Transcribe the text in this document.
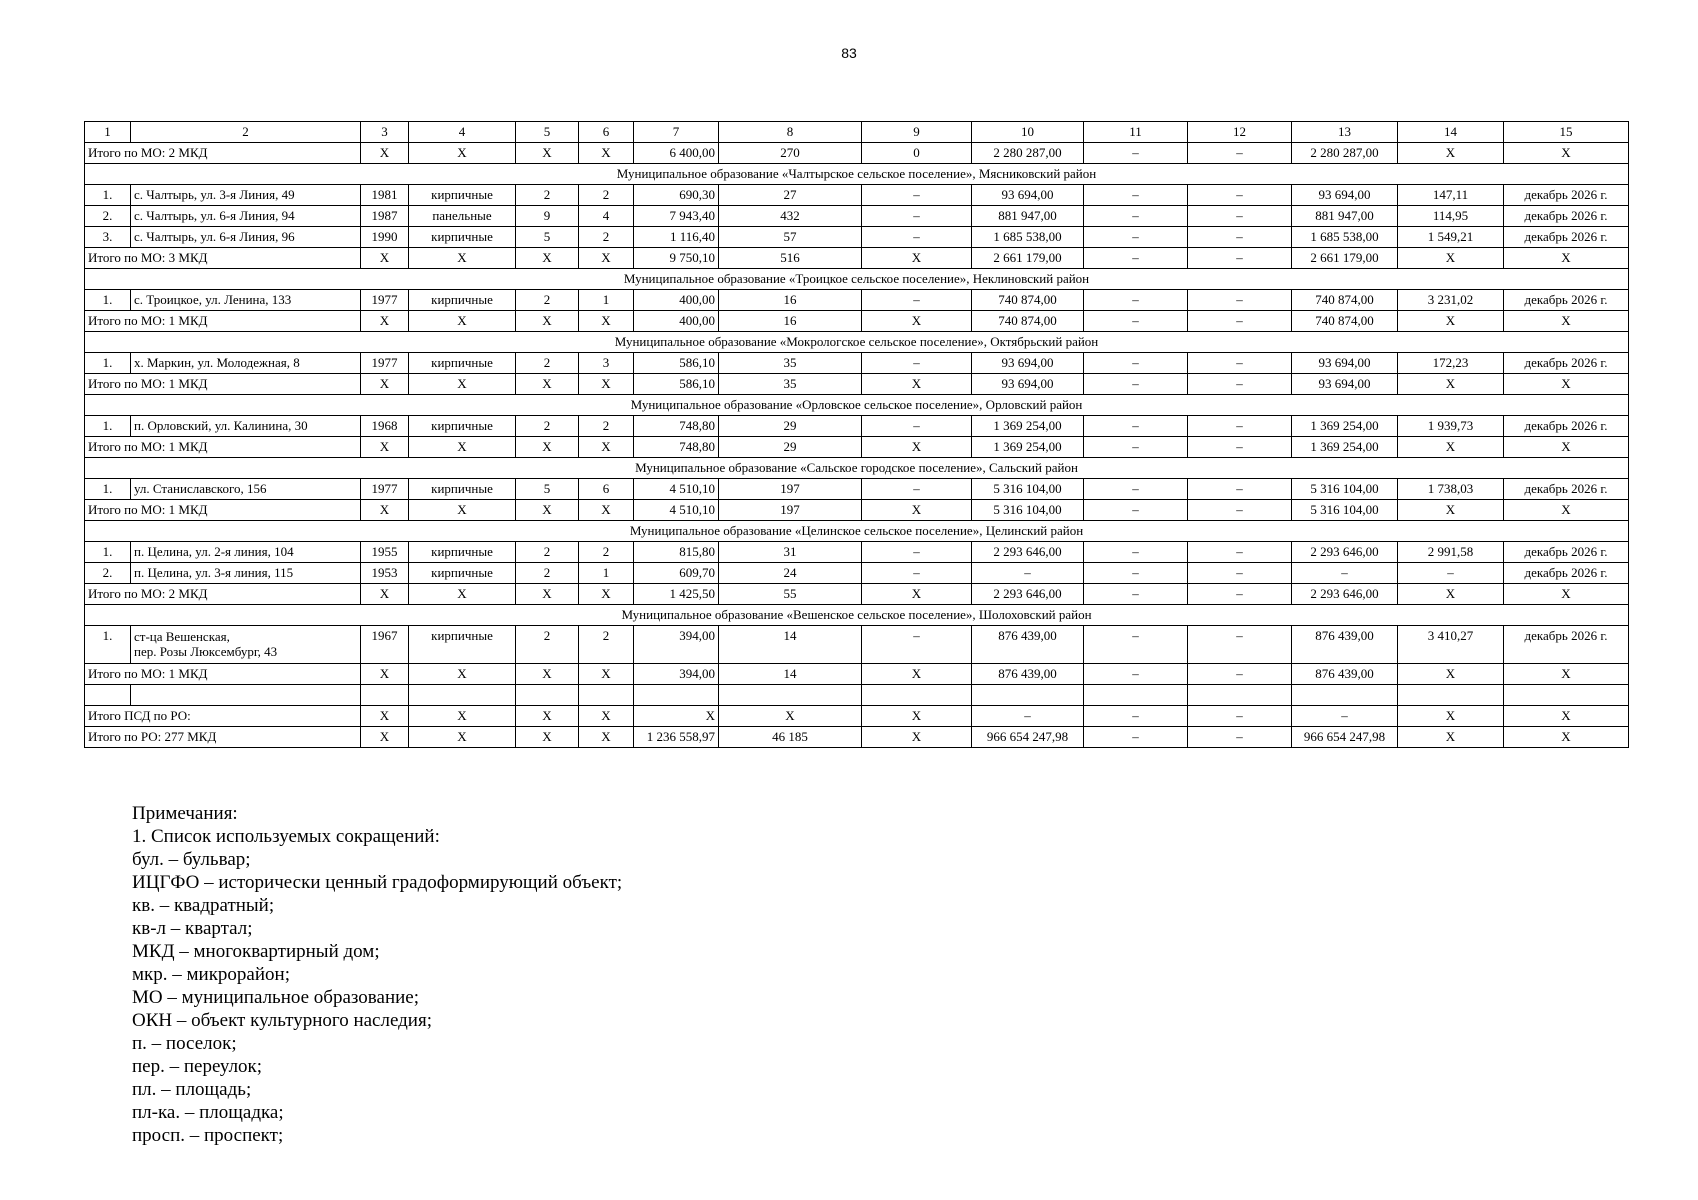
83
1	2	3	4	5	6	7	8	9	10	11	12	13	14	15
Итого по МО: 2 МКД		X	X	X	X	6 400,00	270	0	2 280 287,00	–	–	2 280 287,00	X	X
Муниципальное образование «Чалтырское сельское поселение», Мясниковский район														
1.	с. Чалтырь, ул. 3-я Линия, 49	1981	кирпичные	2	2	690,30	27	–	93 694,00	–	–	93 694,00	147,11	декабрь 2026 г.
2.	с. Чалтырь, ул. 6-я Линия, 94	1987	панельные	9	4	7 943,40	432	–	881 947,00	–	–	881 947,00	114,95	декабрь 2026 г.
3.	с. Чалтырь, ул. 6-я Линия, 96	1990	кирпичные	5	2	1 116,40	57	–	1 685 538,00	–	–	1 685 538,00	1 549,21	декабрь 2026 г.
Итого по МО: 3 МКД		X	X	X	X	9 750,10	516	X	2 661 179,00	–	–	2 661 179,00	X	X
Муниципальное образование «Троицкое сельское поселение», Неклиновский район														
1.	с. Троицкое, ул. Ленина, 133	1977	кирпичные	2	1	400,00	16	–	740 874,00	–	–	740 874,00	3 231,02	декабрь 2026 г.
Итого по МО: 1 МКД		X	X	X	X	400,00	16	X	740 874,00	–	–	740 874,00	X	X
Муниципальное образование «Мокрологское сельское поселение», Октябрьский район														
1.	х. Маркин, ул. Молодежная, 8	1977	кирпичные	2	3	586,10	35	–	93 694,00	–	–	93 694,00	172,23	декабрь 2026 г.
Итого по МО: 1 МКД		X	X	X	X	586,10	35	X	93 694,00	–	–	93 694,00	X	X
Муниципальное образование «Орловское сельское поселение», Орловский район														
1.	п. Орловский, ул. Калинина, 30	1968	кирпичные	2	2	748,80	29	–	1 369 254,00	–	–	1 369 254,00	1 939,73	декабрь 2026 г.
Итого по МО: 1 МКД		X	X	X	X	748,80	29	X	1 369 254,00	–	–	1 369 254,00	X	X
Муниципальное образование «Сальское городское поселение», Сальский район														
1.	ул. Станиславского, 156	1977	кирпичные	5	6	4 510,10	197	–	5 316 104,00	–	–	5 316 104,00	1 738,03	декабрь 2026 г.
Итого по МО: 1 МКД		X	X	X	X	4 510,10	197	X	5 316 104,00	–	–	5 316 104,00	X	X
Муниципальное образование «Целинское сельское поселение», Целинский район														
1.	п. Целина, ул. 2-я линия, 104	1955	кирпичные	2	2	815,80	31	–	2 293 646,00	–	–	2 293 646,00	2 991,58	декабрь 2026 г.
2.	п. Целина, ул. 3-я линия, 115	1953	кирпичные	2	1	609,70	24	–	–	–	–	–	–	декабрь 2026 г.
Итого по МО: 2 МКД		X	X	X	X	1 425,50	55	X	2 293 646,00	–	–	2 293 646,00	X	X
Муниципальное образование «Вешенское сельское поселение», Шолоховский район														
1.	ст-ца Вешенская,
пер. Розы Люксембург, 43	1967	кирпичные	2	2	394,00	14	–	876 439,00	–	–	876 439,00	3 410,27	декабрь 2026 г.
Итого по МО: 1 МКД		X	X	X	X	394,00	14	X	876 439,00	–	–	876 439,00	X	X

Итого ПСД по РО:		X	X	X	X	X	X	X	–	–	–	–	X	X
Итого по РО: 277 МКД		X	X	X	X	1 236 558,97	46 185	X	966 654 247,98	–	–	966 654 247,98	X	X
Примечания:
1. Список используемых сокращений:
бул. – бульвар;
ИЦГФО – исторически ценный градоформирующий объект;
кв. – квадратный;
кв-л – квартал;
МКД – многоквартирный дом;
мкр. – микрорайон;
МО – муниципальное образование;
ОКН – объект культурного наследия;
п. – поселок;
пер. – переулок;
пл. – площадь;
пл-ка. – площадка;
просп. – проспект;
